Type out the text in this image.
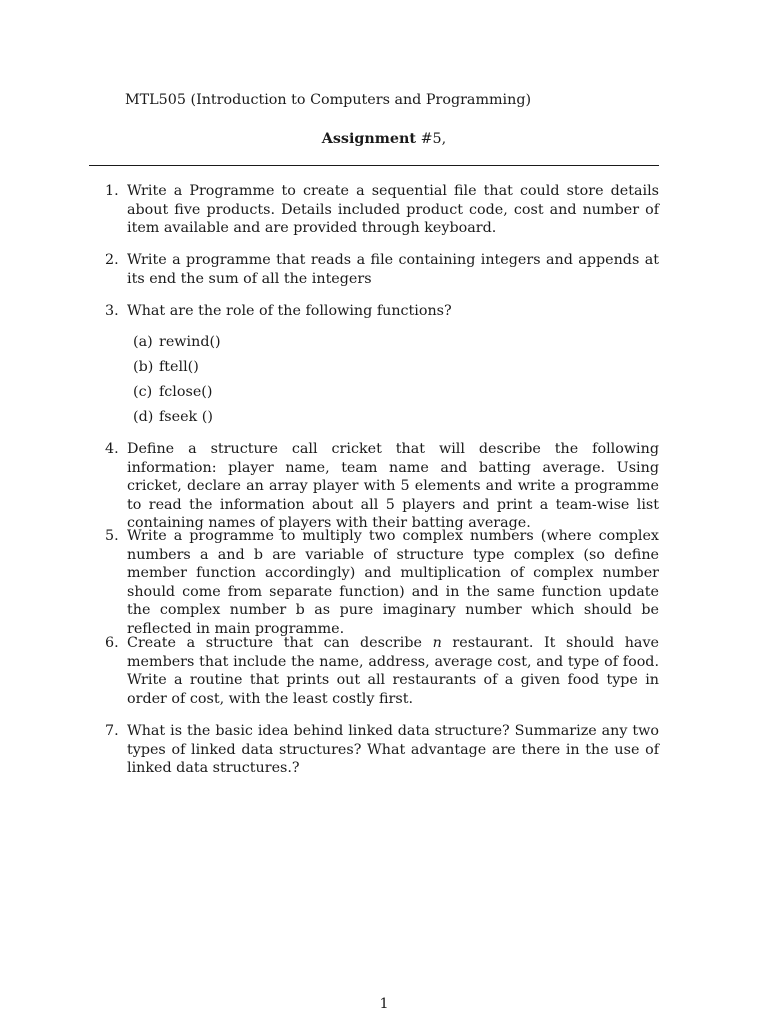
MTL505 (Introduction to Computers and Programming)
Assignment #5,
1. Write a Programme to create a sequential file that could store details about five products. Details included product code, cost and number of item available and are provided through keyboard.
2. Write a programme that reads a file containing integers and appends at its end the sum of all the integers
3. What are the role of the following functions?
(a) rewind()
(b) ftell()
(c) fclose()
(d) fseek ()
4. Define a structure call cricket that will describe the following information: player name, team name and batting average. Using cricket, declare an array player with 5 elements and write a programme to read the information about all 5 players and print a team-wise list containing names of players with their batting average.
5. Write a programme to multiply two complex numbers (where complex numbers a and b are variable of structure type complex (so define member function accordingly) and multiplication of complex number should come from separate function) and in the same function update the complex number b as pure imaginary number which should be reflected in main programme.
6. Create a structure that can describe n restaurant. It should have members that include the name, address, average cost, and type of food. Write a routine that prints out all restaurants of a given food type in order of cost, with the least costly first.
7. What is the basic idea behind linked data structure? Summarize any two types of linked data structures? What advantage are there in the use of linked data structures.?
1
